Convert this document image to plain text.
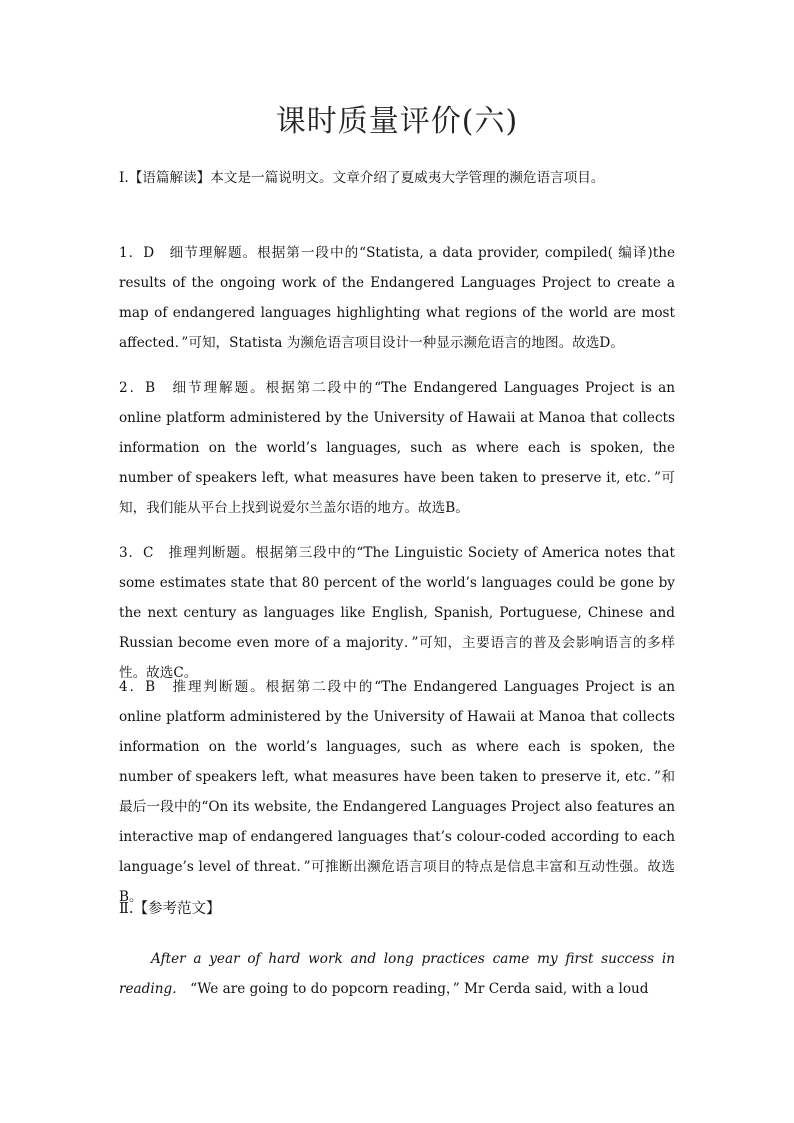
课时质量评价(六)
Ⅰ.【语篇解读】本文是一篇说明文。文章介绍了夏威夷大学管理的濒危语言项目。
1．D　细节理解题。根据第一段中的“Statista, a data provider, compiled( 编译)the results of the ongoing work of the Endangered Languages Project to create a map of endangered languages highlighting what regions of the world are most affected．”可知，Statista 为濒危语言项目设计一种显示濒危语言的地图。故选D。
2．B　细节理解题。根据第二段中的“The Endangered Languages Project is an online platform administered by the University of Hawaii at Manoa that collects information on the world’s languages, such as where each is spoken, the number of speakers left, what measures have been taken to preserve it, etc．”可知，我们能从平台上找到说爱尔兰盖尔语的地方。故选B。
3．C　推理判断题。根据第三段中的“The Linguistic Society of America notes that some estimates state that 80 percent of the world’s languages could be gone by the next century as languages like English, Spanish, Portuguese, Chinese and Russian become even more of a majority．”可知，主要语言的普及会影响语言的多样性。故选C。
4．B　推理判断题。根据第二段中的“The Endangered Languages Project is an online platform administered by the University of Hawaii at Manoa that collects information on the world’s languages, such as where each is spoken, the number of speakers left, what measures have been taken to preserve it, etc．”和最后一段中的“On its website, the Endangered Languages Project also features an interactive map of endangered languages that’s colour-coded according to each language’s level of threat．”可推断出濒危语言项目的特点是信息丰富和互动性强。故选B。
Ⅱ.【参考范文】
After a year of hard work and long practices came my first success in reading． “We are going to do popcorn reading，” Mr Cerda said, with a loud
